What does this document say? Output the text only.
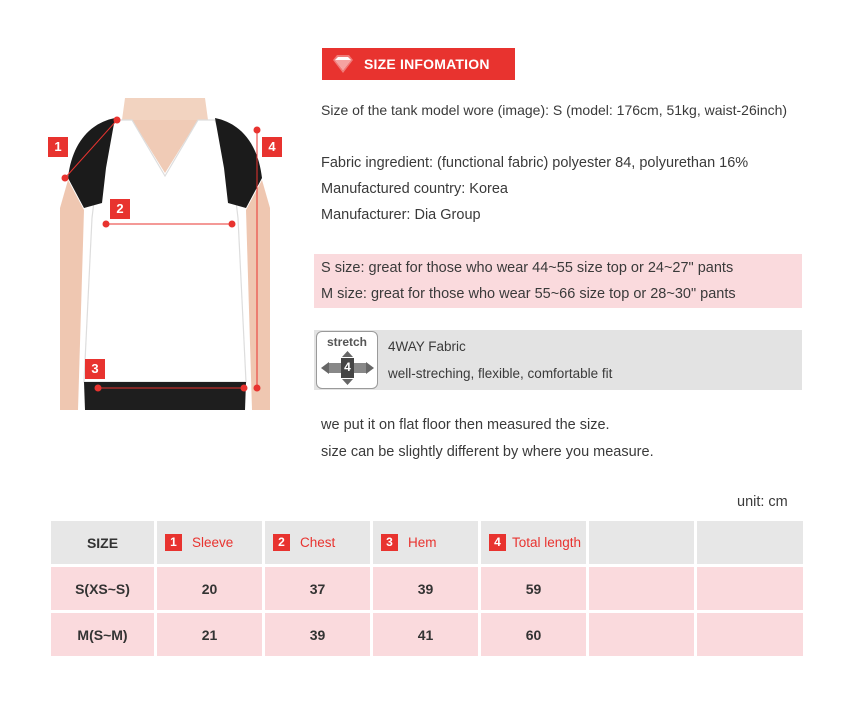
SIZE INFOMATION
Size of the tank model wore (image): S (model: 176cm, 51kg, waist-26inch)
Fabric ingredient: (functional fabric) polyester 84, polyurethan 16%
Manufactured country: Korea
Manufacturer: Dia Group
S size: great for those who wear 44~55 size top or 24~27" pants
M size: great for those who wear 55~66 size top or 28~30" pants
stretch
4
4WAY Fabric
well-streching, flexible, comfortable fit
we put it on flat floor then measured the size.
size can be slightly different by where you measure.
1
2
3
4
unit: cm
SIZE	1 Sleeve	2 Chest	3 Hem	4 Total length		

S(XS~S)	20	37	39	59		
M(S~M)	21	39	41	60		
